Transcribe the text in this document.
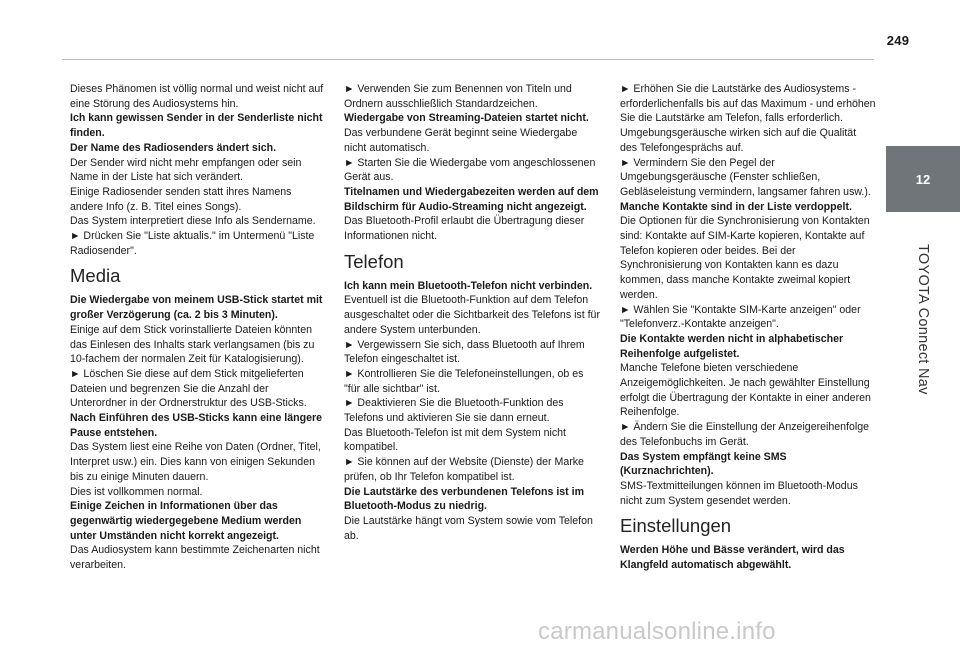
249
12
TOYOTA Connect Nav

Dieses Phänomen ist völlig normal und weist nicht auf eine Störung des Audiosystems hin.

Ich kann gewissen Sender in der Senderliste nicht finden.

Der Name des Radiosenders ändert sich.

Der Sender wird nicht mehr empfangen oder sein Name in der Liste hat sich verändert.

Einige Radiosender senden statt ihres Namens andere Info (z. B. Titel eines Songs).

Das System interpretiert diese Info als Sendername.

► Drücken Sie "Liste aktualis." im Untermenü "Liste Radiosender".

Media

Die Wiedergabe von meinem USB-Stick startet mit großer Verzögerung (ca. 2 bis 3 Minuten).

Einige auf dem Stick vorinstallierte Dateien könnten das Einlesen des Inhalts stark verlangsamen (bis zu 10-fachem der normalen Zeit für Katalogisierung).

► Löschen Sie diese auf dem Stick mitgelieferten Dateien und begrenzen Sie die Anzahl der Unterordner in der Ordnerstruktur des USB-Sticks.

Nach Einführen des USB-Sticks kann eine längere Pause entstehen.

Das System liest eine Reihe von Daten (Ordner, Titel, Interpret usw.) ein. Dies kann von einigen Sekunden bis zu einige Minuten dauern.

Dies ist vollkommen normal.

Einige Zeichen in Informationen über das gegenwärtig wiedergegebene Medium werden unter Umständen nicht korrekt angezeigt.

Das Audiosystem kann bestimmte Zeichenarten nicht verarbeiten.

► Verwenden Sie zum Benennen von Titeln und Ordnern ausschließlich Standardzeichen.

Wiedergabe von Streaming-Dateien startet nicht.

Das verbundene Gerät beginnt seine Wiedergabe nicht automatisch.

► Starten Sie die Wiedergabe vom angeschlossenen Gerät aus.

Titelnamen und Wiedergabezeiten werden auf dem Bildschirm für Audio-Streaming nicht angezeigt.

Das Bluetooth-Profil erlaubt die Übertragung dieser Informationen nicht.

Telefon

Ich kann mein Bluetooth-Telefon nicht verbinden.

Eventuell ist die Bluetooth-Funktion auf dem Telefon ausgeschaltet oder die Sichtbarkeit des Telefons ist für andere System unterbunden.

► Vergewissern Sie sich, dass Bluetooth auf Ihrem Telefon eingeschaltet ist.

► Kontrollieren Sie die Telefoneinstellungen, ob es "für alle sichtbar" ist.

► Deaktivieren Sie die Bluetooth-Funktion des Telefons und aktivieren Sie sie dann erneut.

Das Bluetooth-Telefon ist mit dem System nicht kompatibel.

► Sie können auf der Website (Dienste) der Marke prüfen, ob Ihr Telefon kompatibel ist.

Die Lautstärke des verbundenen Telefons ist im Bluetooth-Modus zu niedrig.

Die Lautstärke hängt vom System sowie vom Telefon ab.

► Erhöhen Sie die Lautstärke des Audiosystems - erforderlichenfalls bis auf das Maximum - und erhöhen Sie die Lautstärke am Telefon, falls erforderlich.

Umgebungsgeräusche wirken sich auf die Qualität des Telefongesprächs auf.

► Vermindern Sie den Pegel der Umgebungsgeräusche (Fenster schließen, Gebläseleistung vermindern, langsamer fahren usw.).

Manche Kontakte sind in der Liste verdoppelt.

Die Optionen für die Synchronisierung von Kontakten sind: Kontakte auf SIM-Karte kopieren, Kontakte auf Telefon kopieren oder beides. Bei der Synchronisierung von Kontakten kann es dazu kommen, dass manche Kontakte zweimal kopiert werden.

► Wählen Sie "Kontakte SIM-Karte anzeigen" oder "Telefonverz.-Kontakte anzeigen".

Die Kontakte werden nicht in alphabetischer Reihenfolge aufgelistet.

Manche Telefone bieten verschiedene Anzeigemöglichkeiten. Je nach gewählter Einstellung erfolgt die Übertragung der Kontakte in einer anderen Reihenfolge.

► Ändern Sie die Einstellung der Anzeigereihenfolge des Telefonbuchs im Gerät.

Das System empfängt keine SMS (Kurznachrichten).

SMS-Textmitteilungen können im Bluetooth-Modus nicht zum System gesendet werden.

Einstellungen

Werden Höhe und Bässe verändert, wird das Klangfeld automatisch abgewählt.

carmanualsonline.info
